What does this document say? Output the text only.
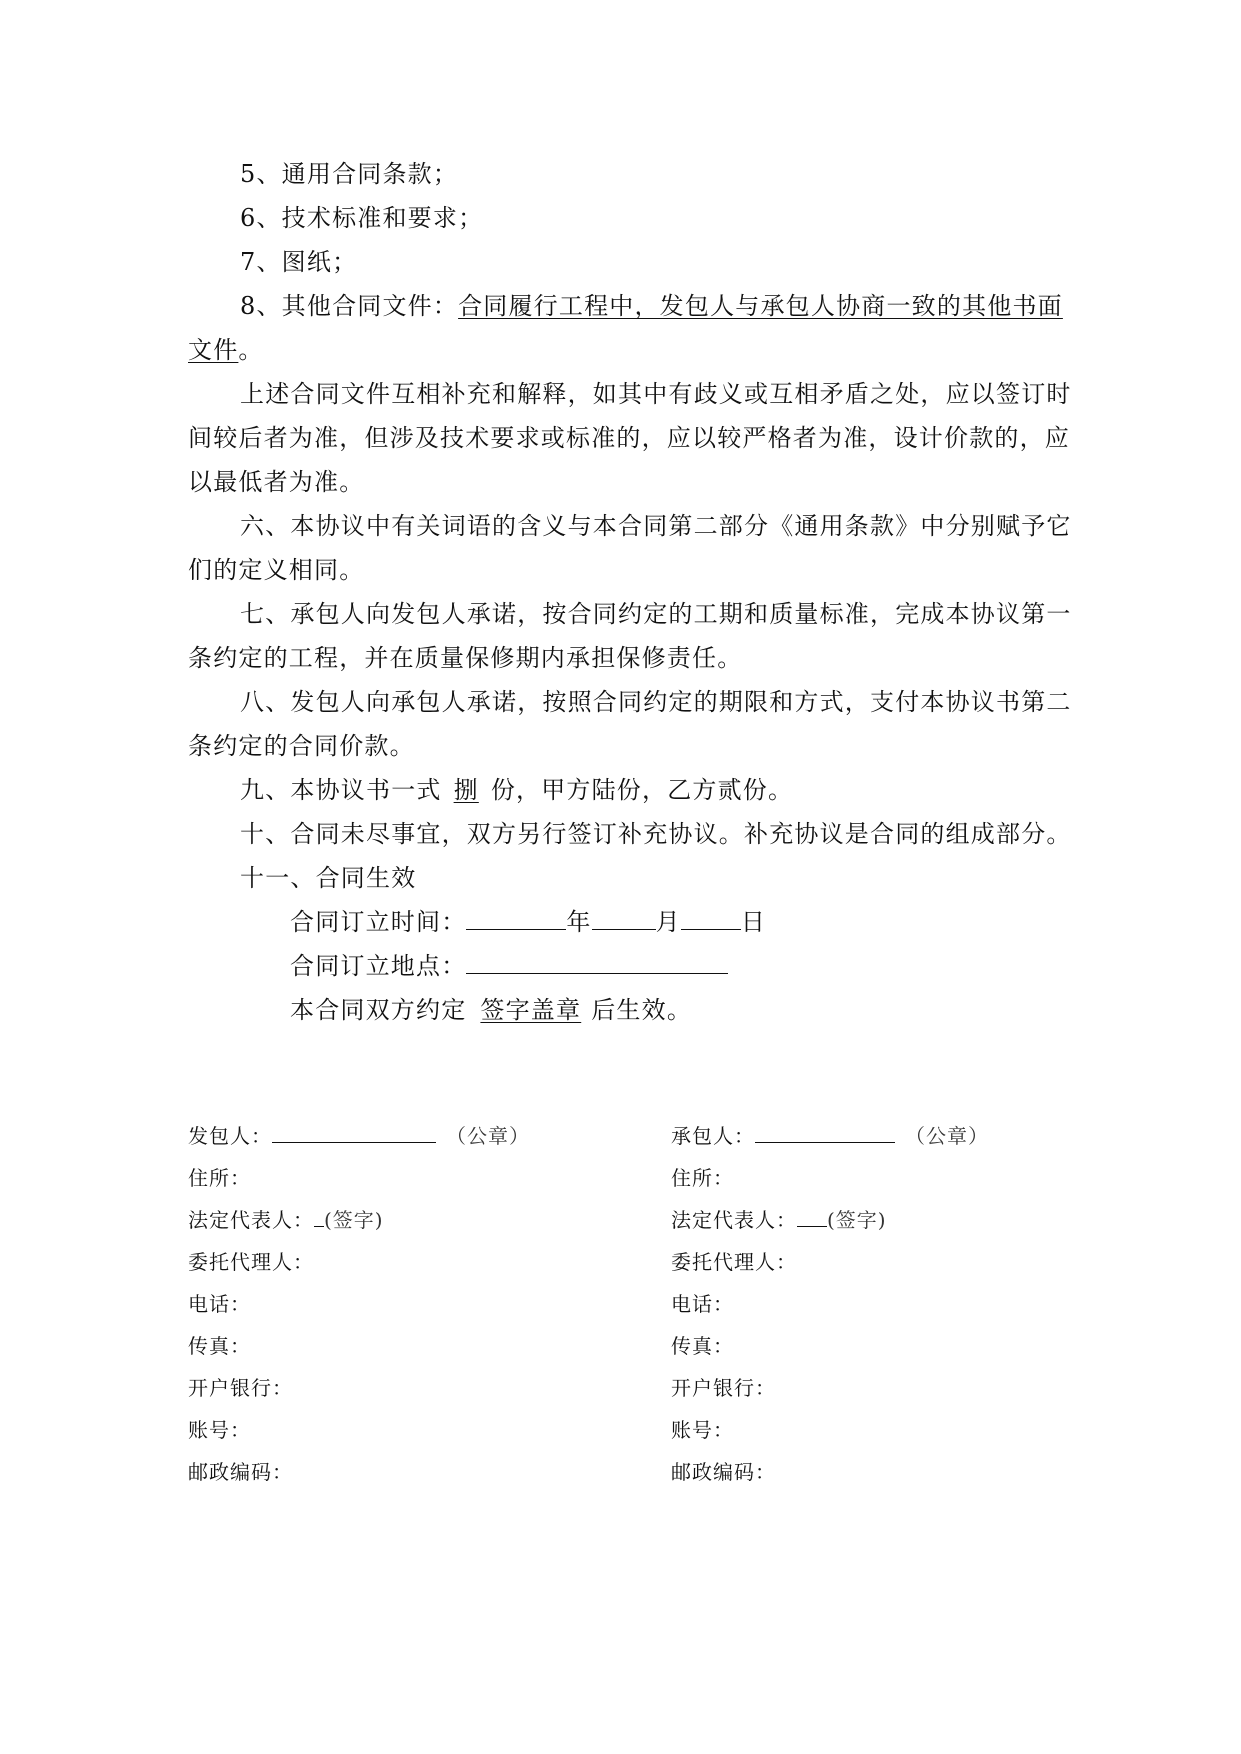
5、通用合同条款；
6、技术标准和要求；
7、图纸；
8、其他合同文件：合同履行工程中，发包人与承包人协商一致的其他书面
文件。
上述合同文件互相补充和解释，如其中有歧义或互相矛盾之处，应以签订时
间较后者为准，但涉及技术要求或标准的，应以较严格者为准，设计价款的，应
以最低者为准。
六、本协议中有关词语的含义与本合同第二部分《通用条款》中分别赋予它
们的定义相同。
七、承包人向发包人承诺，按合同约定的工期和质量标准，完成本协议第一
条约定的工程，并在质量保修期内承担保修责任。
八、发包人向承包人承诺，按照合同约定的期限和方式，支付本协议书第二
条约定的合同价款。
九、本协议书一式 捌 份，甲方陆份，乙方贰份。
十、合同未尽事宜，双方另行签订补充协议。补充协议是合同的组成部分。
十一、合同生效
合同订立时间：	年	月	日
合同订立地点：
本合同双方约定 签字盖章 后生效。
发包人：	（公章）
住所：
法定代表人： (签字)
委托代理人：
电话：
传真：
开户银行：
账号：
邮政编码：
承包人：	（公章）
住所：
法定代表人： (签字)
委托代理人：
电话：
传真：
开户银行：
账号：
邮政编码：
